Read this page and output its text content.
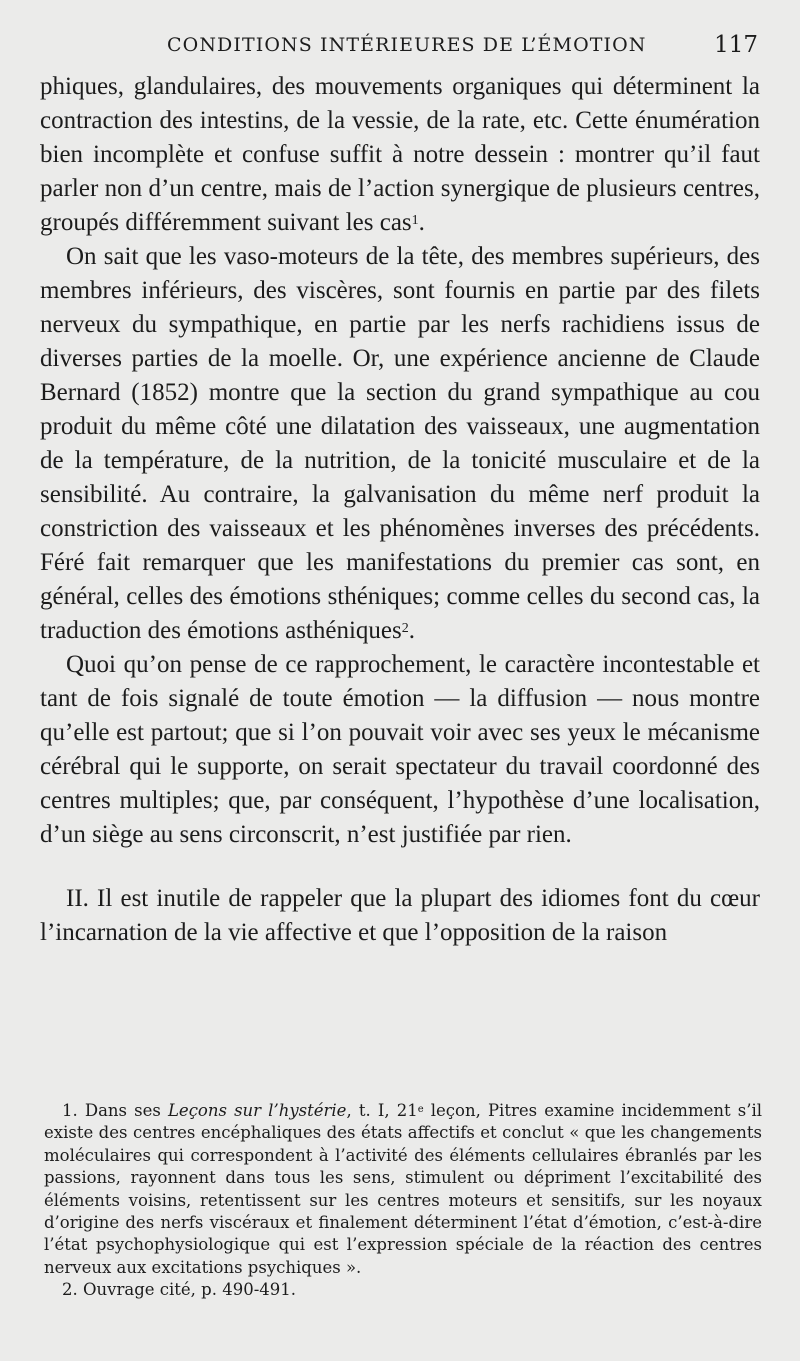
CONDITIONS INTÉRIEURES DE L’ÉMOTION	117

phiques, glandulaires, des mouvements organiques qui déterminent la contraction des intestins, de la vessie, de la rate, etc. Cette énumération bien incomplète et confuse suffit à notre dessein : montrer qu’il faut parler non d’un centre, mais de l’action synergique de plusieurs centres, groupés différemment suivant les cas$^1$.

On sait que les vaso-moteurs de la tête, des membres supérieurs, des membres inférieurs, des viscères, sont fournis en partie par des filets nerveux du sympathique, en partie par les nerfs rachidiens issus de diverses parties de la moelle. Or, une expérience ancienne de Claude Bernard (1852) montre que la section du grand sympathique au cou produit du même côté une dilatation des vaisseaux, une augmentation de la température, de la nutrition, de la tonicité musculaire et de la sensibilité. Au contraire, la galvanisation du même nerf produit la constriction des vaisseaux et les phénomènes inverses des précédents. Féré fait remarquer que les manifestations du premier cas sont, en général, celles des émotions sthéniques; comme celles du second cas, la traduction des émotions asthéniques$^2$.

Quoi qu’on pense de ce rapprochement, le caractère incontestable et tant de fois signalé de toute émotion — la diffusion — nous montre qu’elle est partout; que si l’on pouvait voir avec ses yeux le mécanisme cérébral qui le supporte, on serait spectateur du travail coordonné des centres multiples; que, par conséquent, l’hypothèse d’une localisation, d’un siège au sens circonscrit, n’est justifiée par rien.

II. Il est inutile de rappeler que la plupart des idiomes font du cœur l’incarnation de la vie affective et que l’opposition de la raison

1. Dans ses Leçons sur l’hystérie, t. I, 21e leçon, Pitres examine incidemment s’il existe des centres encéphaliques des états affectifs et conclut « que les changements moléculaires qui correspondent à l’activité des éléments cellulaires ébranlés par les passions, rayonnent dans tous les sens, stimulent ou dépriment l’excitabilité des éléments voisins, retentissent sur les centres moteurs et sensitifs, sur les noyaux d’origine des nerfs viscéraux et finalement déterminent l’état d’émotion, c’est-à-dire l’état psychophysiologique qui est l’expression spéciale de la réaction des centres nerveux aux excitations psychiques ».

2. Ouvrage cité, p. 490-491.
